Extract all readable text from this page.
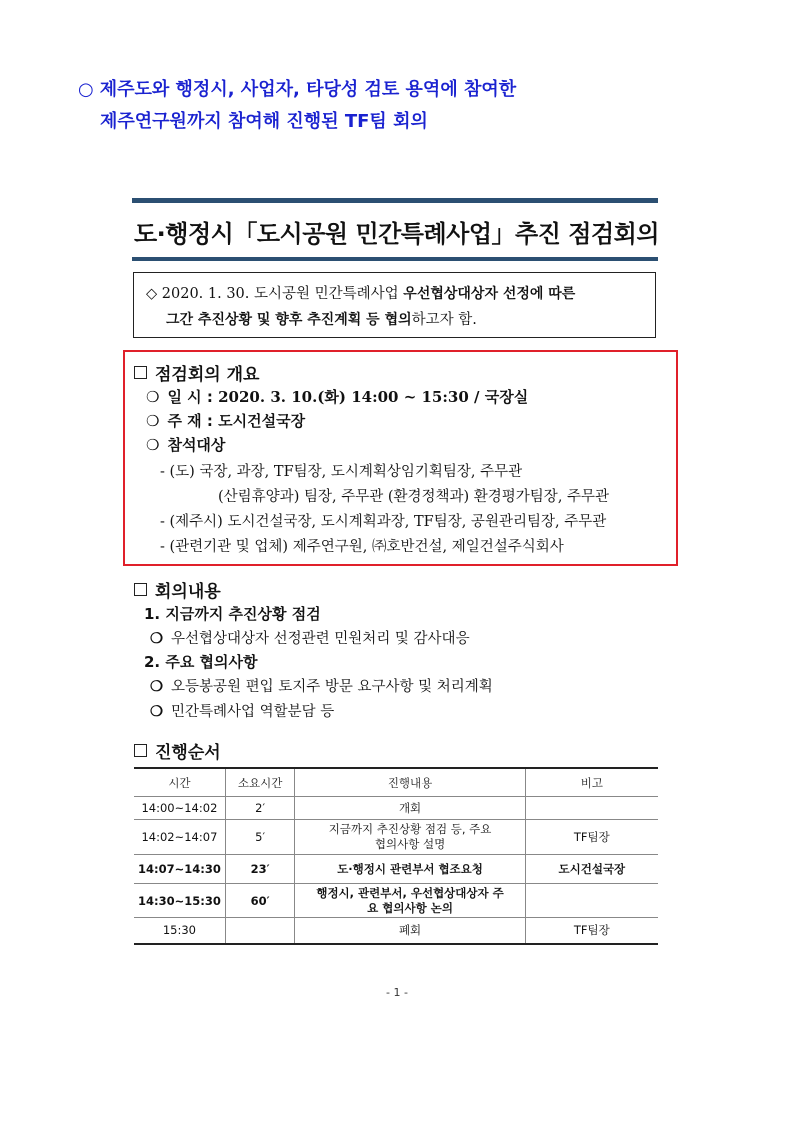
○ 제주도와 행정시, 사업자, 타당성 검토 용역에 참여한
제주연구원까지 참여해 진행된 TF팀 회의
도·행정시「도시공원 민간특례사업」추진 점검회의
◇ 2020. 1. 30. 도시공원 민간특례사업 우선협상대상자 선정에 따른
그간 추진상황 및 향후 추진계획 등 협의하고자 함.
점검회의 개요
❍ 일 시 : 2020. 3. 10.(화) 14:00 ~ 15:30 / 국장실
❍ 주 재 : 도시건설국장
❍ 참석대상
- (도) 국장, 과장, TF팀장, 도시계획상임기획팀장, 주무관
(산림휴양과) 팀장, 주무관 (환경정책과) 환경평가팀장, 주무관
- (제주시) 도시건설국장, 도시계획과장, TF팀장, 공원관리팀장, 주무관
- (관련기관 및 업체) 제주연구원, ㈜호반건설, 제일건설주식회사
회의내용
1. 지금까지 추진상황 점검
❍ 우선협상대상자 선정관련 민원처리 및 감사대응
2. 주요 협의사항
❍ 오등봉공원 편입 토지주 방문 요구사항 및 처리계획
❍ 민간특례사업 역할분담 등
진행순서
시간	소요시간	진행내용	비고
14:00~14:02	2′	개회	
14:02~14:07	5′	지금까지 추진상황 점검 등, 주요 협의사항 설명	TF팀장
14:07~14:30	23′	도·행정시 관련부서 협조요청	도시건설국장
14:30~15:30	60′	행정시, 관련부서, 우선협상대상자 주요 협의사항 논의	
15:30		폐회	TF팀장
- 1 -
